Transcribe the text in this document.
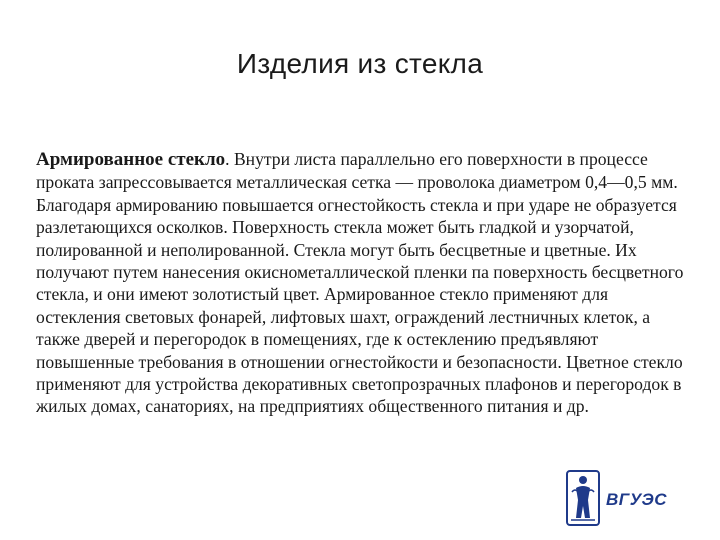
Изделия из стекла

Армированное стекло. Внутри листа параллельно его поверхности в процессе проката запрессовывается металлическая сетка — проволока диаметром 0,4—0,5 мм. Благодаря армированию повышается огнестойкость стекла и при ударе не образуется разлетающихся осколков. Поверхность стекла может быть гладкой и узорчатой, полированной и неполированной. Стекла могут быть бесцветные и цветные. Их получают путем нанесения окиснометаллической пленки па поверхность бесцветного стекла, и они имеют золотистый цвет. Армированное стекло применяют для остекления световых фонарей, лифтовых шахт, ограждений лестничных клеток, а также дверей и перегородок в помещениях, где к остеклению предъявляют повышенные требования в отношении огнестойкости и безопасности. Цветное стекло применяют для устройства декоративных светопрозрачных плафонов и перегородок в жилых домах, санаториях, на предприятиях общественного питания и др.

ВГУЭС
